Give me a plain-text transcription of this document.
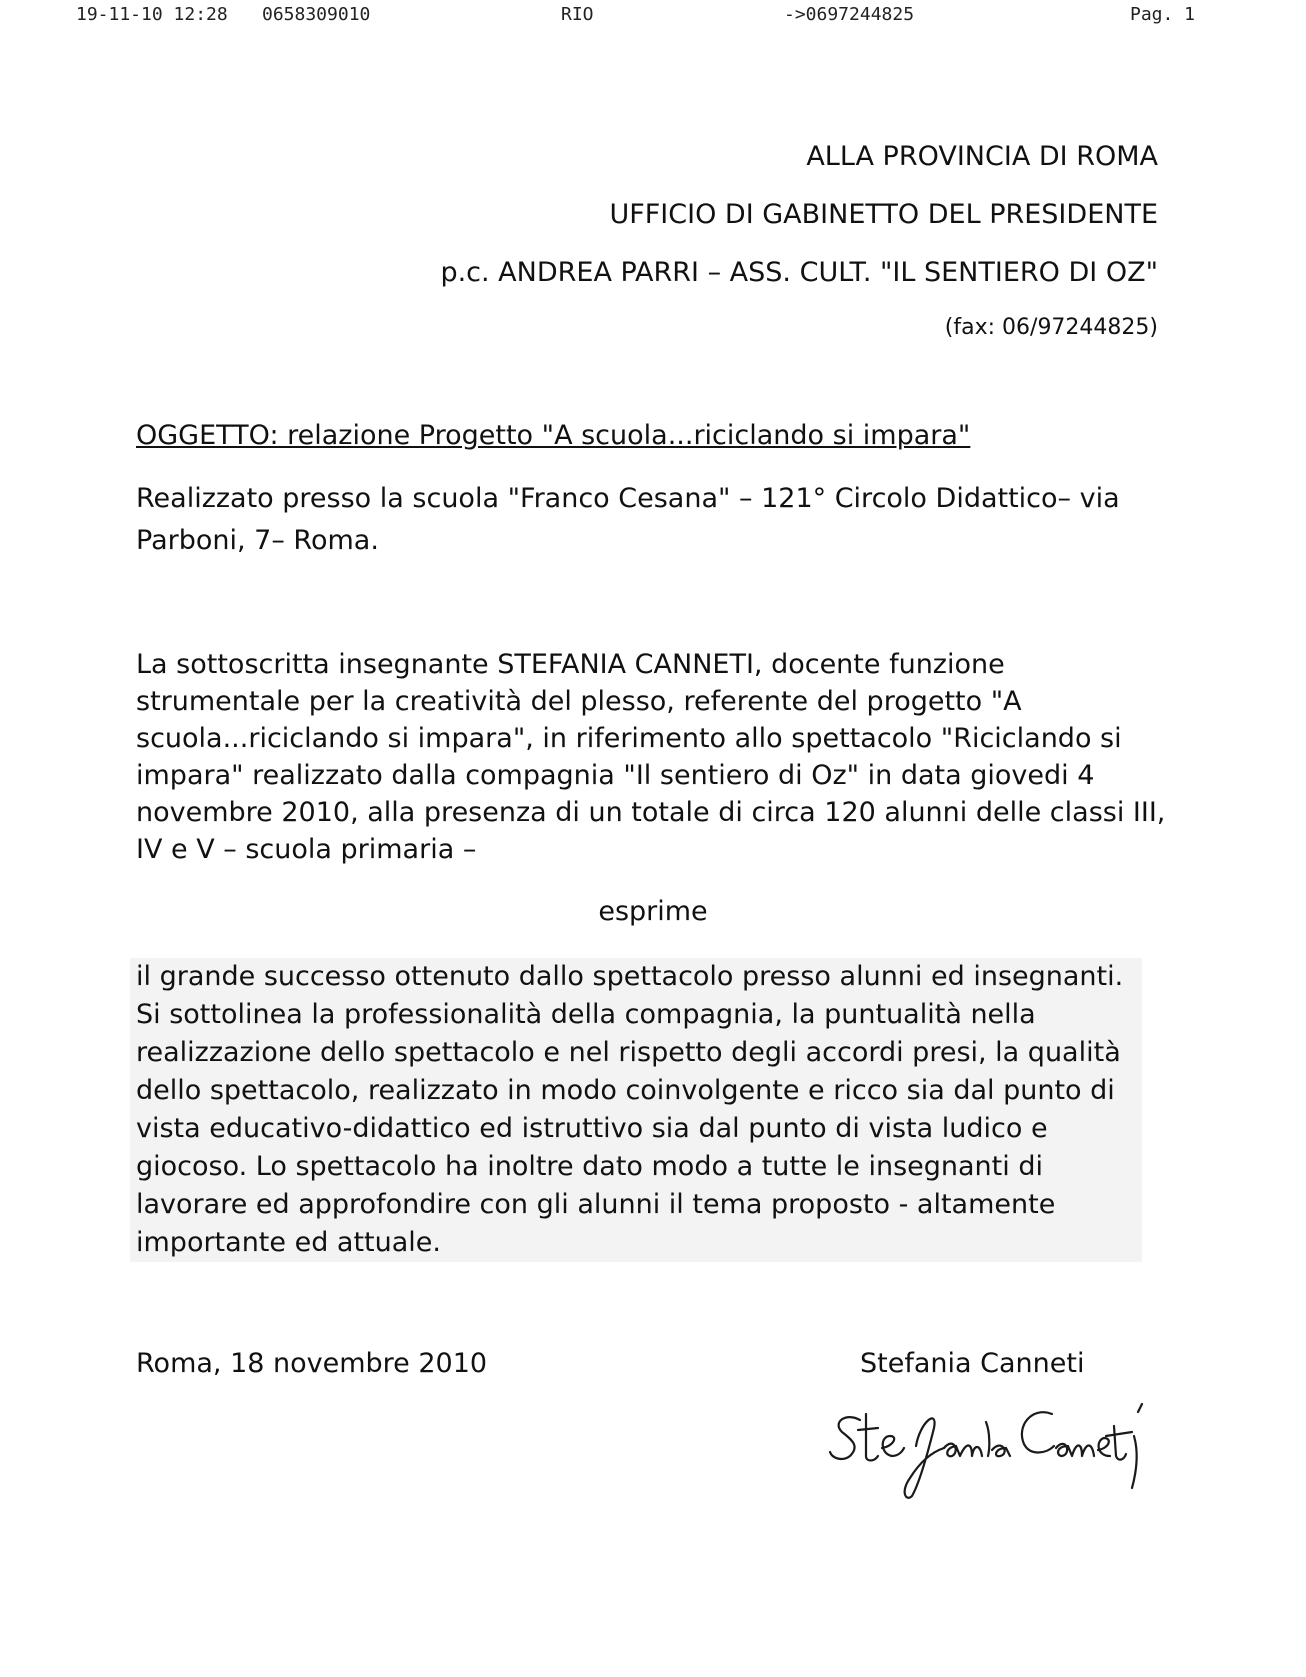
19-11-10 12:28 0658309010	RIO	->0697244825	Pag. 1
ALLA PROVINCIA DI ROMA
UFFICIO DI GABINETTO DEL PRESIDENTE
p.c. ANDREA PARRI – ASS. CULT. "IL SENTIERO DI OZ"
(fax: 06/97244825)
OGGETTO: relazione Progetto "A scuola...riciclando si impara"
Realizzato presso la scuola "Franco Cesana" – 121° Circolo Didattico– via Parboni, 7– Roma.
La sottoscritta insegnante STEFANIA CANNETI, docente funzione strumentale per la creatività del plesso, referente del progetto "A scuola...riciclando si impara", in riferimento allo spettacolo "Riciclando si impara" realizzato dalla compagnia "Il sentiero di Oz" in data giovedi 4 novembre 2010, alla presenza di un totale di circa 120 alunni delle classi III, IV e V – scuola primaria –
esprime
il grande successo ottenuto dallo spettacolo presso alunni ed insegnanti. Si sottolinea la professionalità della compagnia, la puntualità nella realizzazione dello spettacolo e nel rispetto degli accordi presi, la qualità dello spettacolo, realizzato in modo coinvolgente e ricco sia dal punto di vista educativo-didattico ed istruttivo sia dal punto di vista ludico e giocoso. Lo spettacolo ha inoltre dato modo a tutte le insegnanti di lavorare ed approfondire con gli alunni il tema proposto - altamente importante ed attuale.
Roma, 18 novembre 2010	Stefania Canneti
